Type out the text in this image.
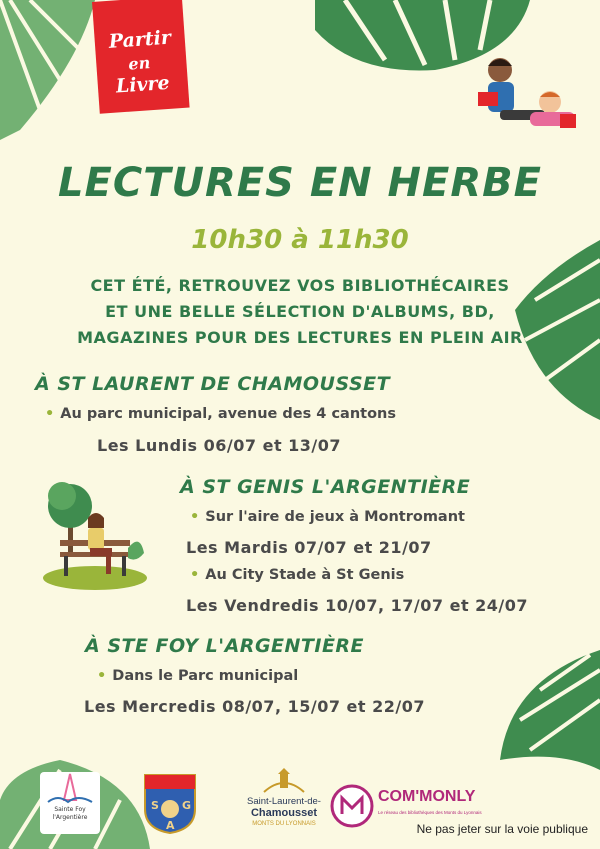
Partir
en
Livre
LECTURES EN HERBE
10h30 à 11h30
CET ÉTÉ, RETROUVEZ VOS BIBLIOTHÉCAIRES
ET UNE BELLE SÉLECTION D'ALBUMS, BD,
MAGAZINES POUR DES LECTURES EN PLEIN AIR
À ST LAURENT DE CHAMOUSSET
• Au parc municipal, avenue des 4 cantons
Les Lundis 06/07 et 13/07
À ST GENIS L'ARGENTIÈRE
• Sur l'aire de jeux à Montromant
Les Mardis 07/07 et 21/07
• Au City Stade à St Genis
Les Vendredis 10/07, 17/07 et 24/07
À STE FOY L'ARGENTIÈRE
• Dans le Parc municipal
Les Mercredis 08/07, 15/07 et 22/07
Sainte Foy
l'Argentière
S G
A
Saint-Laurent-de-
Chamousset
MONTS DU LYONNAIS
COM'MONLY
Le réseau des bibliothèques des Monts du Lyonnais
Ne pas jeter sur la voie publique
